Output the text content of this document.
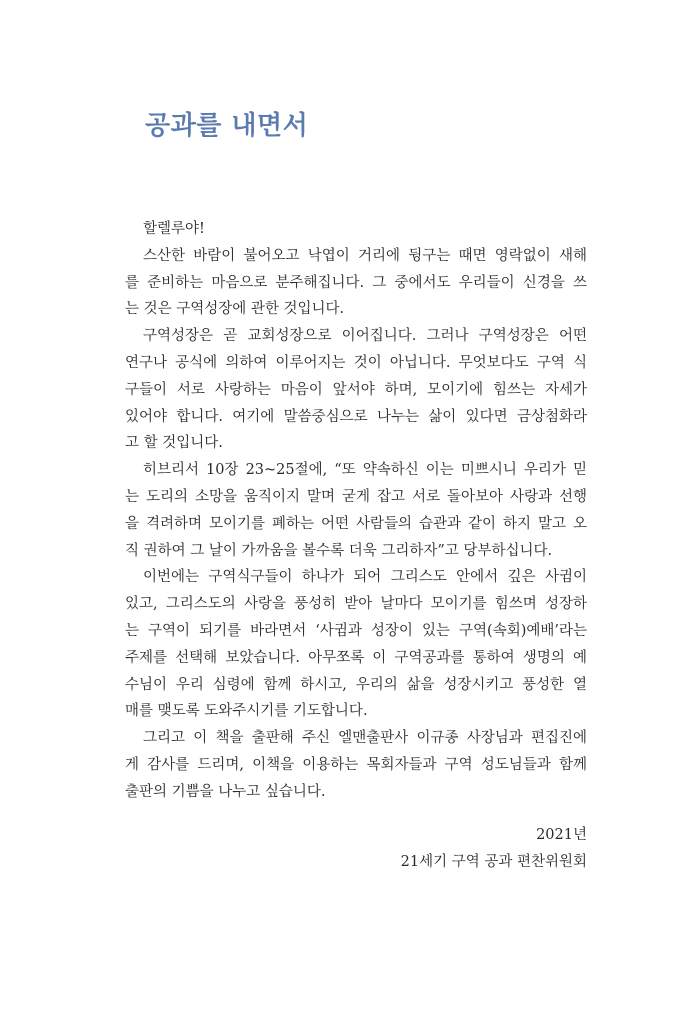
공과를 내면서
할렐루야!
스산한 바람이 불어오고 낙엽이 거리에 뒹구는 때면 영락없이 새해
를 준비하는 마음으로 분주해집니다. 그 중에서도 우리들이 신경을 쓰
는 것은 구역성장에 관한 것입니다.
구역성장은 곧 교회성장으로 이어집니다. 그러나 구역성장은 어떤
연구나 공식에 의하여 이루어지는 것이 아닙니다. 무엇보다도 구역 식
구들이 서로 사랑하는 마음이 앞서야 하며, 모이기에 힘쓰는 자세가
있어야 합니다. 여기에 말씀중심으로 나누는 삶이 있다면 금상첨화라
고 할 것입니다.
히브리서 10장 23~25절에, “또 약속하신 이는 미쁘시니 우리가 믿
는 도리의 소망을 움직이지 말며 굳게 잡고 서로 돌아보아 사랑과 선행
을 격려하며 모이기를 폐하는 어떤 사람들의 습관과 같이 하지 말고 오
직 권하여 그 날이 가까움을 볼수록 더욱 그리하자”고 당부하십니다.
이번에는 구역식구들이 하나가 되어 그리스도 안에서 깊은 사귐이
있고, 그리스도의 사랑을 풍성히 받아 날마다 모이기를 힘쓰며 성장하
는 구역이 되기를 바라면서 ‘사귐과 성장이 있는 구역(속회)예배’라는
주제를 선택해 보았습니다. 아무쪼록 이 구역공과를 통하여 생명의 예
수님이 우리 심령에 함께 하시고, 우리의 삶을 성장시키고 풍성한 열
매를 맺도록 도와주시기를 기도합니다.
그리고 이 책을 출판해 주신 엘맨출판사 이규종 사장님과 편집진에
게 감사를 드리며, 이책을 이용하는 목회자들과 구역 성도님들과 함께
출판의 기쁨을 나누고 싶습니다.
2021년
21세기 구역 공과 편찬위원회
